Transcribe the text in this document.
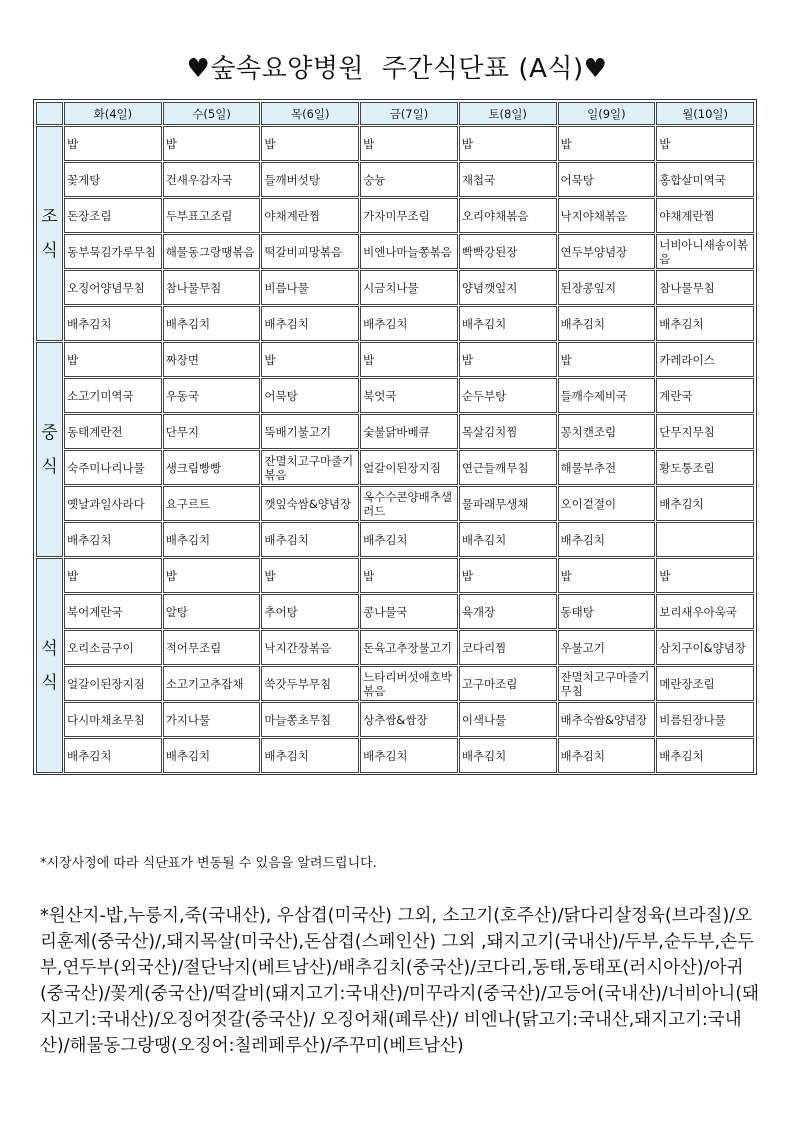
♥숲속요양병원  주간식단표 (A식)♥
	화(4일)	수(5일)	목(6일)	금(7일)	토(8일)	일(9일)	월(10일)
조
식	밥	밥	밥	밥	밥	밥	밥
	꽃게탕	건새우감자국	들깨버섯탕	숭늉	재첩국	어묵탕	홍합살미역국
	돈장조림	두부표고조림	야채계란찜	가자미무조림	오리야채볶음	낙지야채볶음	야채계란찜
	동부묵김가루무침	해물동그랑땡볶음	떡갈비피망볶음	비엔나마늘쫑볶음	빡빡강된장	연두부양념장	너비아니새송이볶음
	오징어양념무침	참나물무침	비름나물	시금치나물	양념깻잎지	된장콩잎지	참나물무침
	배추김치	배추김치	배추김치	배추김치	배추김치	배추김치	배추김치
중
식	밥	짜장면	밥	밥	밥	밥	카레라이스
	소고기미역국	우동국	어묵탕	북엇국	순두부탕	들깨수제비국	계란국
	동태계란전	단무지	뚝배기불고기	숯불닭바베큐	목살김치찜	꽁치캔조림	단무지무침
	숙주미나리나물	생크림빵빵	잔멸치고구마줄기볶음	얼갈이된장지짐	연근들깨무침	해물부추전	황도통조림
	옛날과일사라다	요구르트	깻잎숙쌈&양념장	옥수수콘양배추샐러드	물파래무생채	오이겉절이	배추김치
	배추김치	배추김치	배추김치	배추김치	배추김치	배추김치	
석
식	밥	밥	밥	밥	밥	밥	밥
	북어계란국	알탕	추어탕	콩나물국	육개장	동태탕	보리새우아욱국
	오리소금구이	적어무조림	낙지간장볶음	돈육고추장불고기	코다리찜	우불고기	삼치구이&양념장
	얼갈이된장지짐	소고기고추잡채	쑥갓두부무침	느타리버섯애호박볶음	고구마조림	잔멸치고구마줄기무침	메란장조림
	다시마채초무침	가지나물	마늘쫑초무침	상추쌈&쌈장	이색나물	배추숙쌈&양념장	비름된장나물
	배추김치	배추김치	배추김치	배추김치	배추김치	배추김치	배추김치
*시장사정에 따라 식단표가 변동될 수 있음을 알려드립니다.
*원산지-밥,누룽지,죽(국내산), 우삼겹(미국산) 그외, 소고기(호주산)/닭다리살정육(브라질)/오리훈제(중국산)/,돼지목살(미국산),돈삼겹(스페인산) 그외 ,돼지고기(국내산)/두부,순두부,손두부,연두부(외국산)/절단낙지(베트남산)/배추김치(중국산)/코다리,동태,동태포(러시아산)/아귀(중국산)/꽃게(중국산)/떡갈비(돼지고기:국내산)/미꾸라지(중국산)/고등어(국내산)/너비아니(돼지고기:국내산)/오징어젓갈(중국산)/ 오징어채(페루산)/ 비엔나(닭고기:국내산,돼지고기:국내산)/해물동그랑땡(오징어:칠레페루산)/주꾸미(베트남산)
